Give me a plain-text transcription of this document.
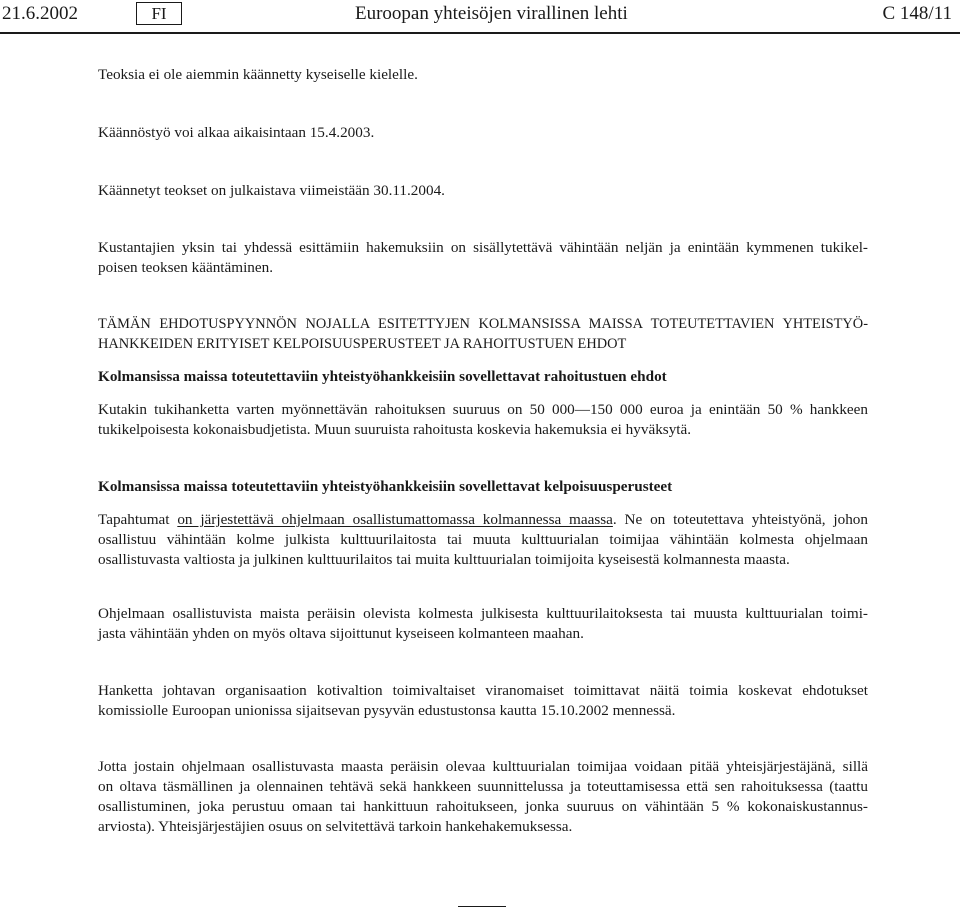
21.6.2002	FI	Euroopan yhteisöjen virallinen lehti	C 148/11
Teoksia ei ole aiemmin käännetty kyseiselle kielelle.
Käännöstyö voi alkaa aikaisintaan 15.4.2003.
Käännetyt teokset on julkaistava viimeistään 30.11.2004.
Kustantajien yksin tai yhdessä esittämiin hakemuksiin on sisällytettävä vähintään neljän ja enintään kymmenen tukikel-
poisen teoksen kääntäminen.
TÄMÄN EHDOTUSPYYNNÖN NOJALLA ESITETTYJEN KOLMANSISSA MAISSA TOTEUTETTAVIEN YHTEISTYÖ-
HANKKEIDEN ERITYISET KELPOISUUSPERUSTEET JA RAHOITUSTUEN EHDOT
Kolmansissa maissa toteutettaviin yhteistyöhankkeisiin sovellettavat rahoitustuen ehdot
Kutakin tukihanketta varten myönnettävän rahoituksen suuruus on 50 000—150 000 euroa ja enintään 50 % hankkeen
tukikelpoisesta kokonaisbudjetista. Muun suuruista rahoitusta koskevia hakemuksia ei hyväksytä.
Kolmansissa maissa toteutettaviin yhteistyöhankkeisiin sovellettavat kelpoisuusperusteet
Tapahtumat on järjestettävä ohjelmaan osallistumattomassa kolmannessa maassa. Ne on toteutettava yhteistyönä, johon
osallistuu vähintään kolme julkista kulttuurilaitosta tai muuta kulttuurialan toimijaa vähintään kolmesta ohjelmaan
osallistuvasta valtiosta ja julkinen kulttuurilaitos tai muita kulttuurialan toimijoita kyseisestä kolmannesta maasta.
Ohjelmaan osallistuvista maista peräisin olevista kolmesta julkisesta kulttuurilaitoksesta tai muusta kulttuurialan toimi-
jasta vähintään yhden on myös oltava sijoittunut kyseiseen kolmanteen maahan.
Hanketta johtavan organisaation kotivaltion toimivaltaiset viranomaiset toimittavat näitä toimia koskevat ehdotukset
komissiolle Euroopan unionissa sijaitsevan pysyvän edustustonsa kautta 15.10.2002 mennessä.
Jotta jostain ohjelmaan osallistuvasta maasta peräisin olevaa kulttuurialan toimijaa voidaan pitää yhteisjärjestäjänä, sillä
on oltava täsmällinen ja olennainen tehtävä sekä hankkeen suunnittelussa ja toteuttamisessa että sen rahoituksessa (taattu
osallistuminen, joka perustuu omaan tai hankittuun rahoitukseen, jonka suuruus on vähintään 5 % kokonaiskustannus-
arviosta). Yhteisjärjestäjien osuus on selvitettävä tarkoin hankehakemuksessa.
